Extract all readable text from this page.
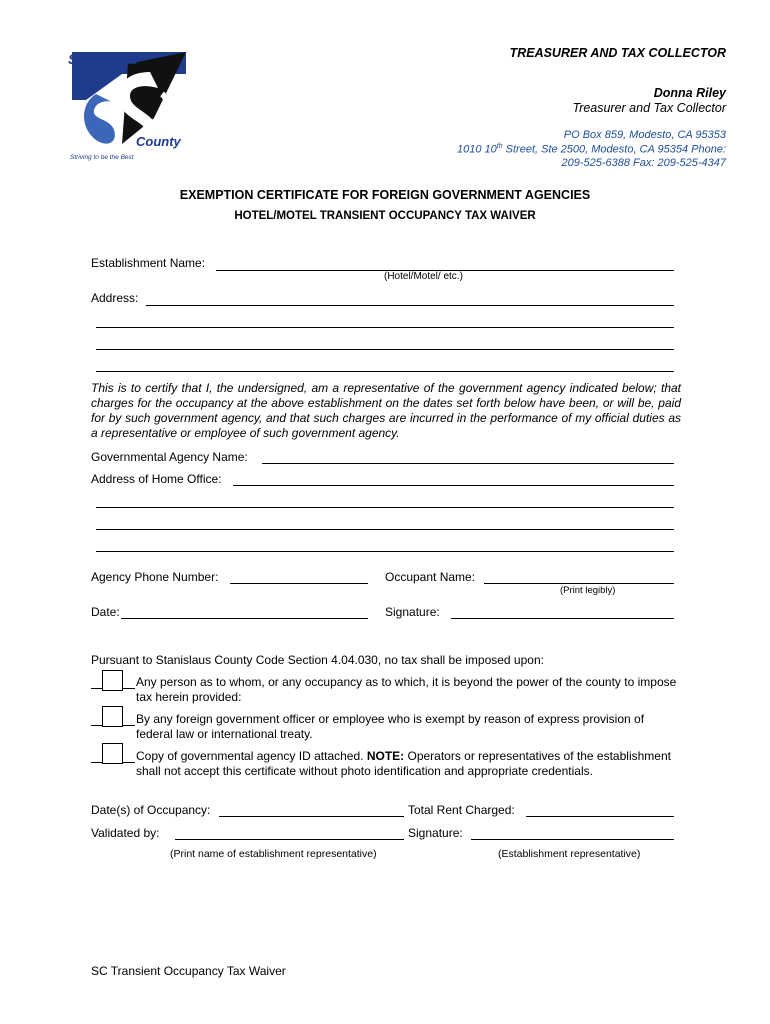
Stanislaus
County
Striving to be the Best
TREASURER AND TAX COLLECTOR
Donna Riley
Treasurer and Tax Collector
PO Box 859, Modesto, CA 95353
1010 10th Street, Ste 2500, Modesto, CA 95354 Phone:
209-525-6388 Fax: 209-525-4347
EXEMPTION CERTIFICATE FOR FOREIGN GOVERNMENT AGENCIES
HOTEL/MOTEL TRANSIENT OCCUPANCY TAX WAIVER
Establishment Name:
(Hotel/Motel/ etc.)
Address:
This is to certify that I, the undersigned, am a representative of the government agency indicated below; that charges for the occupancy at the above establishment on the dates set forth below have been, or will be, paid for by such government agency, and that such charges are incurred in the performance of my official duties as a representative or employee of such government agency.
Governmental Agency Name:
Address of Home Office:
Agency Phone Number:	Occupant Name:
(Print legibly)
Date:	Signature:
Pursuant to Stanislaus County Code Section 4.04.030, no tax shall be imposed upon:
Any person as to whom, or any occupancy as to which, it is beyond the power of the county to impose tax herein provided:
By any foreign government officer or employee who is exempt by reason of express provision of federal law or international treaty.
Copy of governmental agency ID attached. NOTE: Operators or representatives of the establishment shall not accept this certificate without photo identification and appropriate credentials.
Date(s) of Occupancy:	Total Rent Charged:
Validated by:	Signature:
(Print name of establishment representative)	(Establishment representative)
SC Transient Occupancy Tax Waiver
